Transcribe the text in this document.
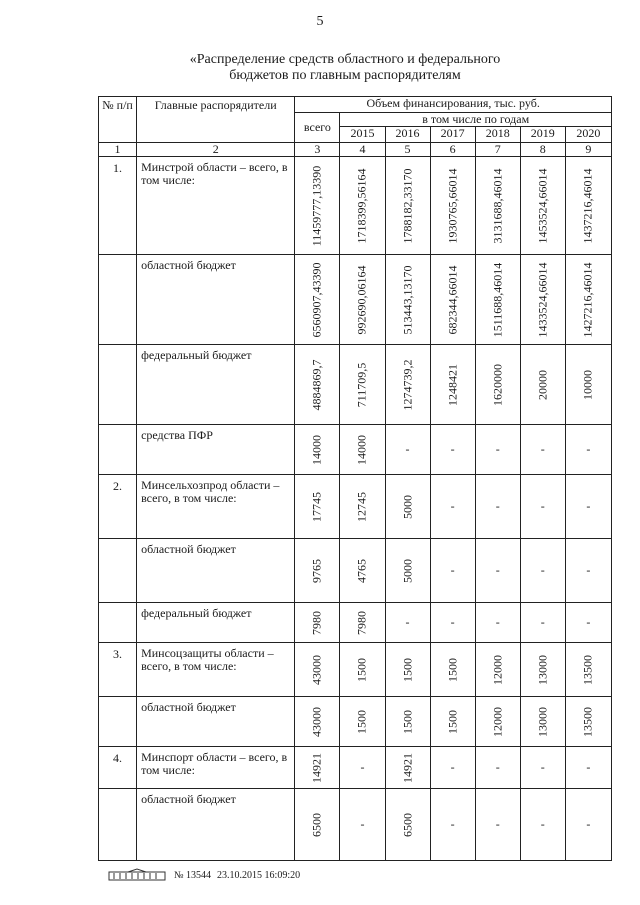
5
«Распределение средств областного и федерального
бюджетов по главным распорядителям
№ п/п	Главные распорядители	Объем финансирования, тыс. руб.						
		всего	в том числе по годам					
			2015	2016	2017	2018	2019	2020
1	2	3	4	5	6	7	8	9
1.	Минстрой области – всего, в том числе:	11459777,13390	1718399,56164	1788182,33170	1930765,66014	3131688,46014	1453524,66014	1437216,46014

	областной бюджет	6560907,43390	992690,06164	513443,13170	682344,66014	1511688,46014	1433524,66014	1427216,46014

	федеральный бюджет	4884869,7	711709,5	1274739,2	1248421	1620000	20000	10000

	средства ПФР	14000	14000	-	-	-	-	-
2.	Минсельхозпрод области – всего, в том числе:	17745	12745	5000	-	-	-	-
	областной бюджет	9765	4765	5000	-	-	-	-
	федеральный бюджет	7980	7980	-	-	-	-	-
3.	Минсоцзащиты области – всего, в том числе:	43000	1500	1500	1500	12000	13000	13500

	областной бюджет	43000	1500	1500	1500	12000	13000	13500

4.	Минспорт области – всего, в том числе:	14921	-	14921	-	-	-	-
	областной бюджет	6500	-	6500	-	-	-	-
№ 13544 23.10.2015 16:09:20
